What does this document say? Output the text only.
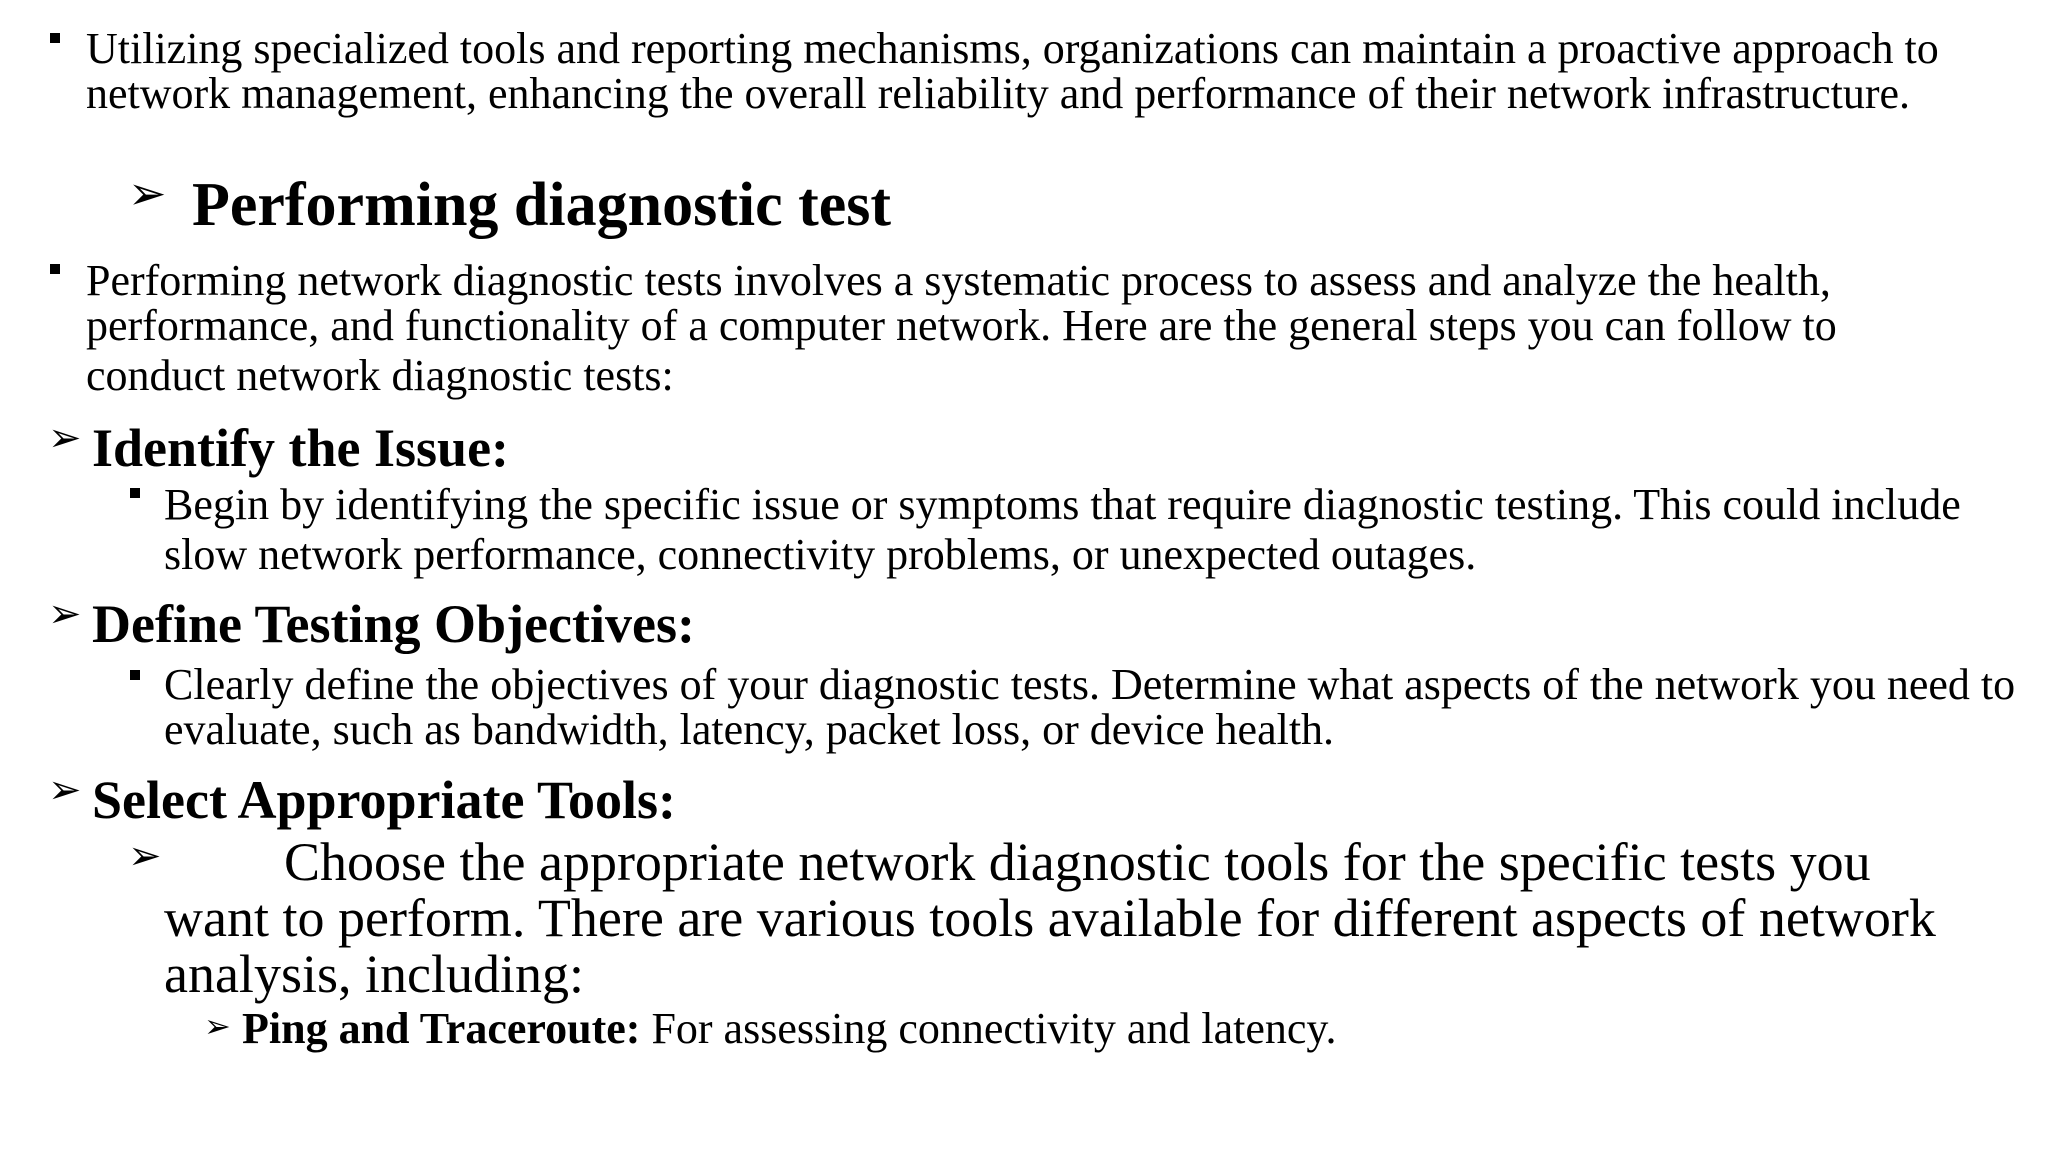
Utilizing specialized tools and reporting mechanisms, organizations can maintain a proactive approach to network management, enhancing the overall reliability and performance of their network infrastructure.
➢ Performing diagnostic test
Performing network diagnostic tests involves a systematic process to assess and analyze the health, performance, and functionality of a computer network. Here are the general steps you can follow to
conduct network diagnostic tests:
➢ Identify the Issue:
Begin by identifying the specific issue or symptoms that require diagnostic testing. This could include slow network performance, connectivity problems, or unexpected outages.
➢ Define Testing Objectives:
Clearly define the objectives of your diagnostic tests. Determine what aspects of the network you need to evaluate, such as bandwidth, latency, packet loss, or device health.
➢ Select Appropriate Tools:
➢	Choose the appropriate network diagnostic tools for the specific tests you want to perform. There are various tools available for different aspects of network analysis, including:
➢ Ping and Traceroute: For assessing connectivity and latency.
